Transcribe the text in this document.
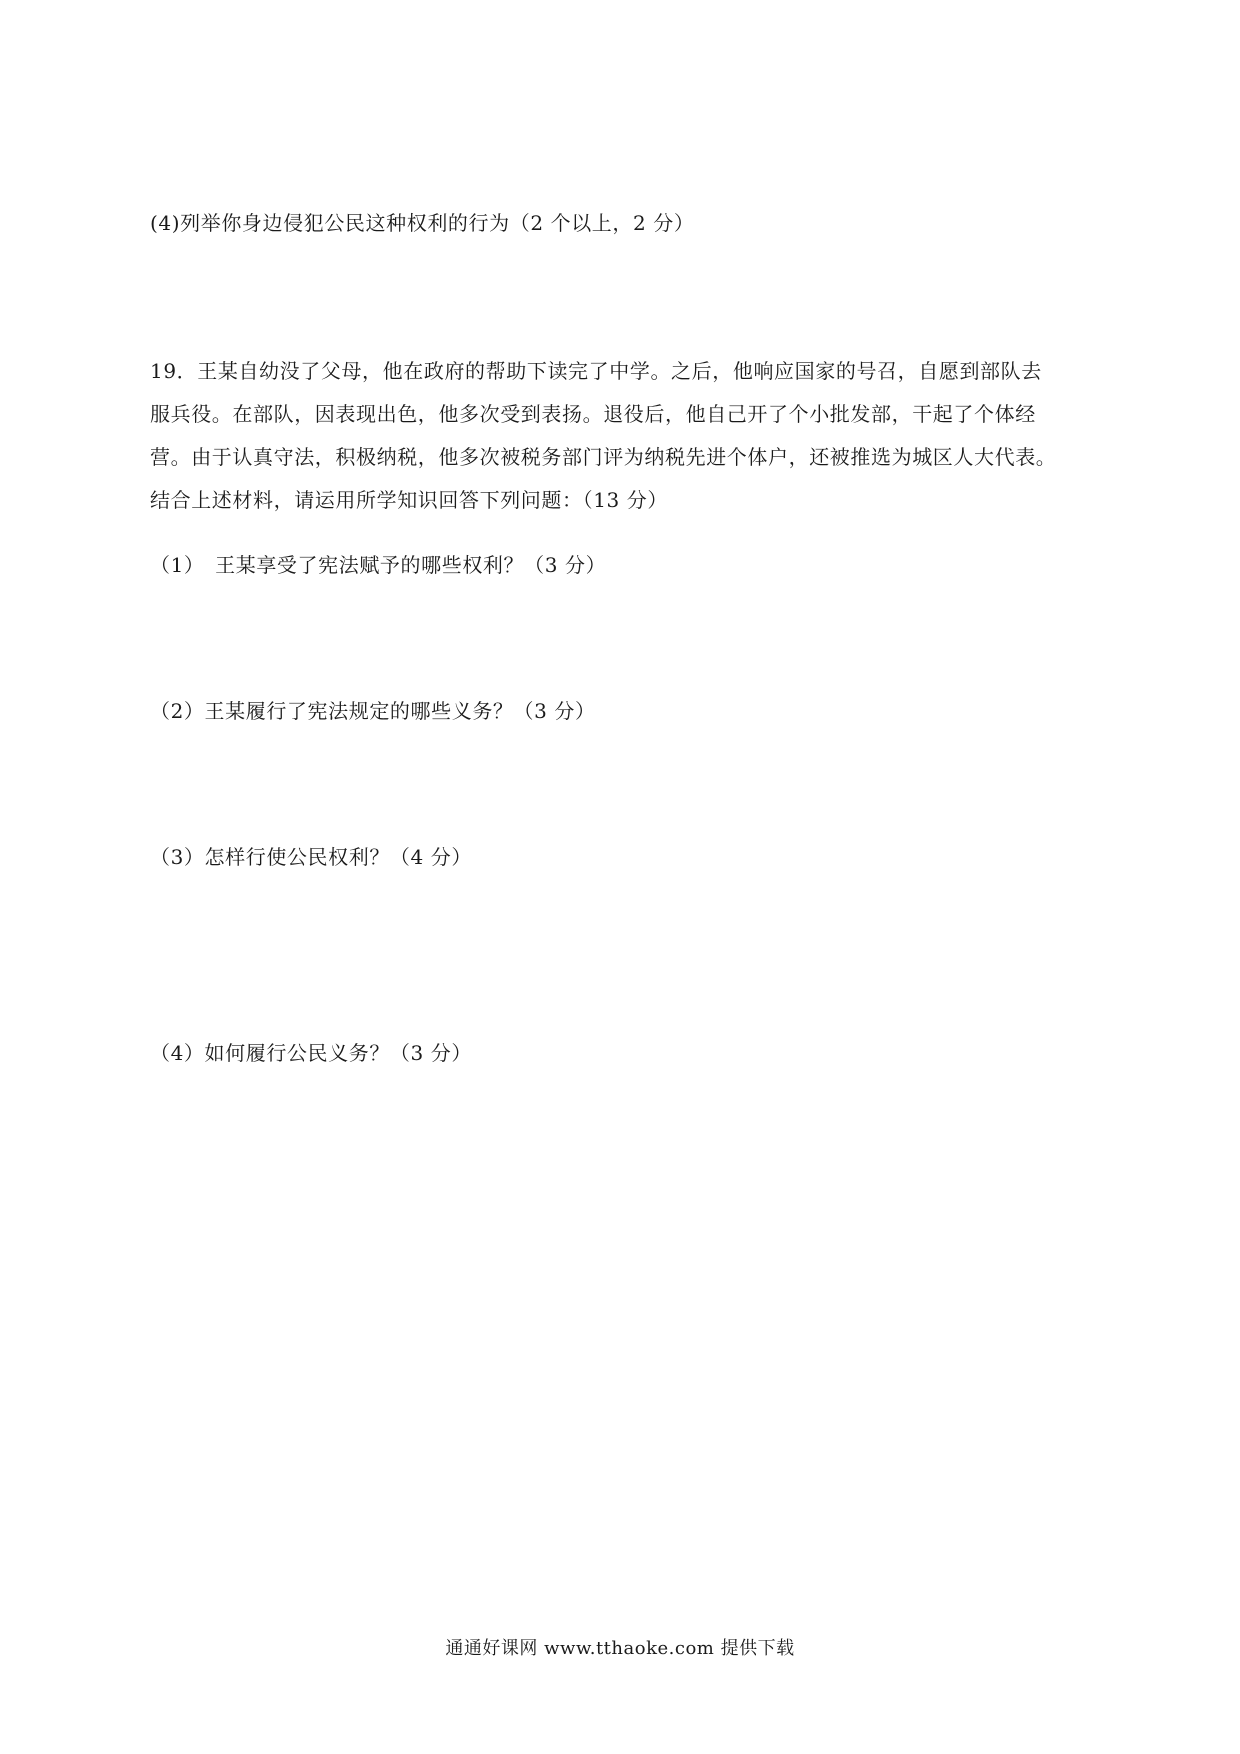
(4)列举你身边侵犯公民这种权利的行为（2 个以上，2 分）
19．王某自幼没了父母，他在政府的帮助下读完了中学。之后，他响应国家的号召，自愿到部队去
服兵役。在部队，因表现出色，他多次受到表扬。退役后，他自己开了个小批发部，干起了个体经
营。由于认真守法，积极纳税，他多次被税务部门评为纳税先进个体户，还被推选为城区人大代表。
结合上述材料，请运用所学知识回答下列问题：（13 分）
（1）　王某享受了宪法赋予的哪些权利？（3 分）
（2）王某履行了宪法规定的哪些义务？（3 分）
（3）怎样行使公民权利？（4 分）
（4）如何履行公民义务？（3 分）
通通好课网 www.tthaoke.com 提供下载
